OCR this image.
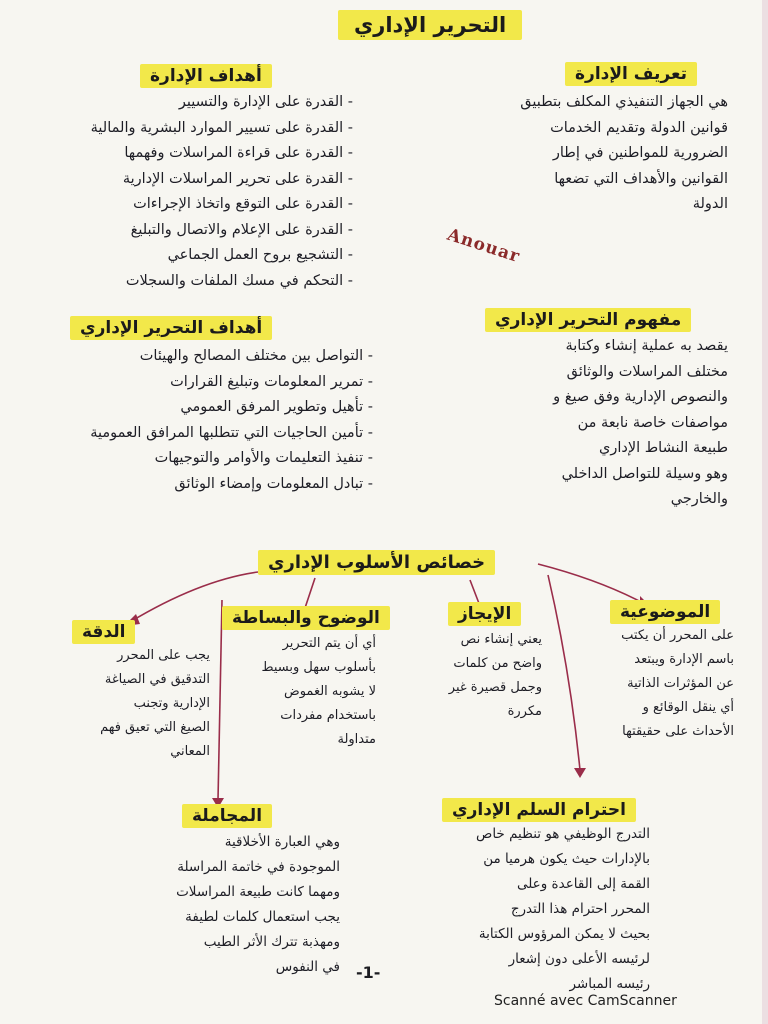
التحرير الإداري
تعريف الإدارة
هي الجهاز التنفيذي المكلف بتطبيق
قوانين الدولة وتقديم الخدمات
الضرورية للمواطنين في إطار
القوانين والأهداف التي تضعها
الدولة
أهداف الإدارة
- القدرة على الإدارة والتسيير
- القدرة على تسيير الموارد البشرية والمالية
- القدرة على قراءة المراسلات وفهمها
- القدرة على تحرير المراسلات الإدارية
- القدرة على التوقع واتخاذ الإجراءات
- القدرة على الإعلام والاتصال والتبليغ
- التشجيع بروح العمل الجماعي
- التحكم في مسك الملفات والسجلات
Anouar
مفهوم التحرير الإداري
يقصد به عملية إنشاء وكتابة
مختلف المراسلات والوثائق
والنصوص الإدارية وفق صيغ و
مواصفات خاصة نابعة من
طبيعة النشاط الإداري
وهو وسيلة للتواصل الداخلي
والخارجي
أهداف التحرير الإداري
- التواصل بين مختلف المصالح والهيئات
- تمرير المعلومات وتبليغ القرارات
- تأهيل وتطوير المرفق العمومي
- تأمين الحاجيات التي تتطلبها المرافق العمومية
- تنفيذ التعليمات والأوامر والتوجيهات
- تبادل المعلومات وإمضاء الوثائق
خصائص الأسلوب الإداري
الموضوعية
على المحرر أن يكتب
باسم الإدارة ويبتعد
عن المؤثرات الذاتية
أي ينقل الوقائع و
الأحداث على حقيقتها
الإيجاز
يعني إنشاء نص
واضح من كلمات
وجمل قصيرة غير
مكررة
الوضوح والبساطة
أي أن يتم التحرير
بأسلوب سهل وبسيط
لا يشوبه الغموض
باستخدام مفردات
متداولة
الدقة
يجب على المحرر
التدقيق في الصياغة
الإدارية وتجنب
الصيغ التي تعيق فهم
المعاني
احترام السلم الإداري
التدرج الوظيفي هو تنظيم خاص
بالإدارات حيث يكون هرميا من
القمة إلى القاعدة وعلى
المحرر احترام هذا التدرج
بحيث لا يمكن المرؤوس الكتابة
لرئيسه الأعلى دون إشعار
رئيسه المباشر
المجاملة
وهي العبارة الأخلاقية
الموجودة في خاتمة المراسلة
ومهما كانت طبيعة المراسلات
يجب استعمال كلمات لطيفة
ومهذبة تترك الأثر الطيب
في النفوس -1-
Scanné avec CamScanner
